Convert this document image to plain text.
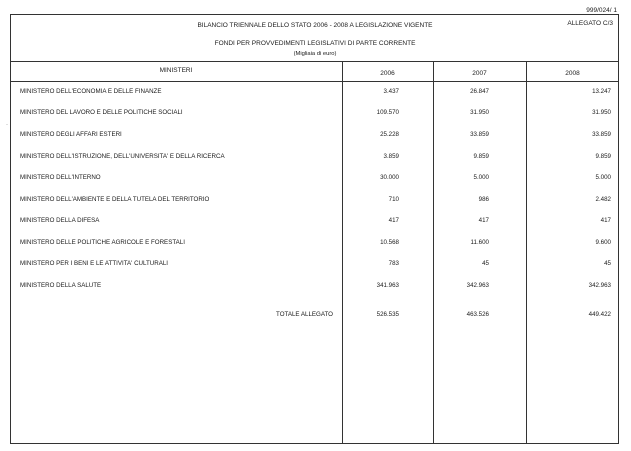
999/024/ 1
ALLEGATO C/3
BILANCIO TRIENNALE DELLO STATO 2006 - 2008 A LEGISLAZIONE VIGENTE
FONDI PER PROVVEDIMENTI LEGISLATIVI DI PARTE CORRENTE
(Migliaia di euro)
MINISTERI	2006	2007	2008
·
MINISTERO DELL'ECONOMIA E DELLE FINANZE	3.437	26.847	13.247
MINISTERO DEL LAVORO E DELLE POLITICHE SOCIALI	109.570	31.950	31.950
MINISTERO DEGLI AFFARI ESTERI	25.228	33.859	33.859
MINISTERO DELL'ISTRUZIONE, DELL'UNIVERSITA' E DELLA RICERCA	3.859	9.859	9.859
MINISTERO DELL'INTERNO	30.000	5.000	5.000
MINISTERO DELL'AMBIENTE E DELLA TUTELA DEL TERRITORIO	710	986	2.482
MINISTERO DELLA DIFESA	417	417	417
MINISTERO DELLE POLITICHE AGRICOLE E FORESTALI	10.568	11.600	9.600
MINISTERO PER I BENI E LE ATTIVITA' CULTURALI	783	45	45
MINISTERO DELLA SALUTE	341.963	342.963	342.963
TOTALE ALLEGATO	526.535	463.526	449.422
